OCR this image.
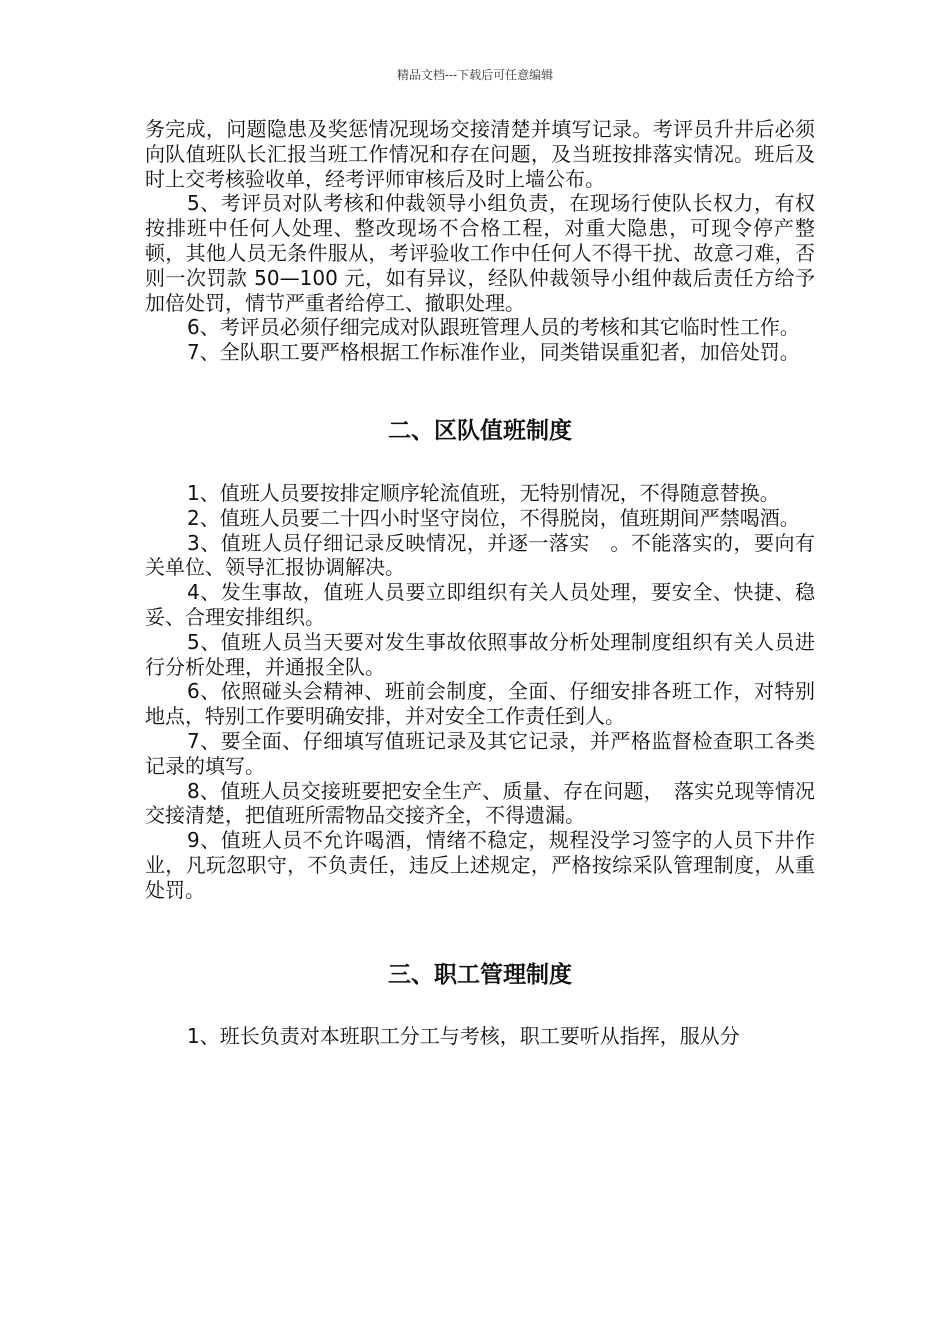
精品文档---下载后可任意编辑

务完成，问题隐患及奖惩情况现场交接清楚并填写记录。考评员升井后必须向队值班队长汇报当班工作情况和存在问题，及当班按排落实情况。班后及时上交考核验收单，经考评师审核后及时上墙公布。

5、考评员对队考核和仲裁领导小组负责，在现场行使队长权力，有权按排班中任何人处理、整改现场不合格工程，对重大隐患，可现令停产整顿，其他人员无条件服从，考评验收工作中任何人不得干扰、故意刁难，否则一次罚款 50—100 元，如有异议，经队仲裁领导小组仲裁后责任方给予加倍处罚，情节严重者给停工、撤职处理。

6、考评员必须仔细完成对队跟班管理人员的考核和其它临时性工作。

7、全队职工要严格根据工作标准作业，同类错误重犯者，加倍处罚。

二、区队值班制度

1、值班人员要按排定顺序轮流值班，无特别情况，不得随意替换。

2、值班人员要二十四小时坚守岗位，不得脱岗，值班期间严禁喝酒。

3、值班人员仔细记录反映情况，并逐一落实　。不能落实的，要向有关单位、领导汇报协调解决。

4、发生事故，值班人员要立即组织有关人员处理，要安全、快捷、稳妥、合理安排组织。

5、值班人员当天要对发生事故依照事故分析处理制度组织有关人员进行分析处理，并通报全队。

6、依照碰头会精神、班前会制度，全面、仔细安排各班工作，对特别地点，特别工作要明确安排，并对安全工作责任到人。

7、要全面、仔细填写值班记录及其它记录，并严格监督检查职工各类记录的填写。

8、值班人员交接班要把安全生产、质量、存在问题，　落实兑现等情况交接清楚，把值班所需物品交接齐全，不得遗漏。

9、值班人员不允许喝酒，情绪不稳定，规程没学习签字的人员下井作业，凡玩忽职守，不负责任，违反上述规定，严格按综采队管理制度，从重处罚。

三、职工管理制度

1、班长负责对本班职工分工与考核，职工要听从指挥，服从分
